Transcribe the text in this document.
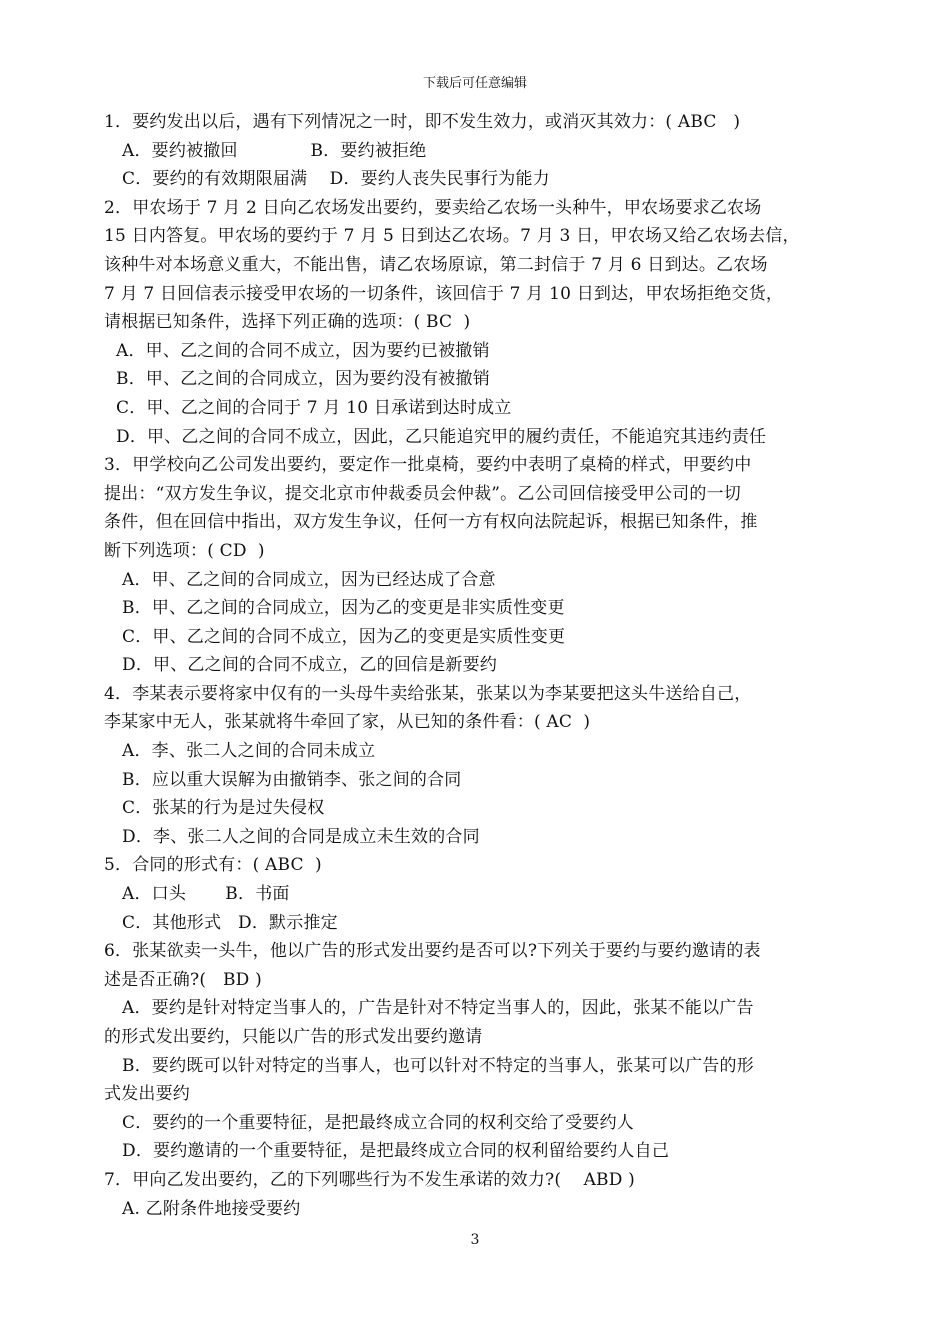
下载后可任意编辑
1．要约发出以后，遇有下列情况之一时，即不发生效力，或消灭其效力：( ABC   )
A．要约被撤回             B．要约被拒绝
C．要约的有效期限届满    D．要约人丧失民事行为能力
2．甲农场于 7 月 2 日向乙农场发出要约，要卖给乙农场一头种牛，甲农场要求乙农场
15 日内答复。甲农场的要约于 7 月 5 日到达乙农场。7 月 3 日，甲农场又给乙农场去信，
该种牛对本场意义重大，不能出售，请乙农场原谅，第二封信于 7 月 6 日到达。乙农场
7 月 7 日回信表示接受甲农场的一切条件，该回信于 7 月 10 日到达，甲农场拒绝交货，
请根据已知条件，选择下列正确的选项：( BC  )
A．甲、乙之间的合同不成立，因为要约已被撤销
B．甲、乙之间的合同成立，因为要约没有被撤销
C．甲、乙之间的合同于 7 月 10 日承诺到达时成立
D．甲、乙之间的合同不成立，因此，乙只能追究甲的履约责任，不能追究其违约责任
3．甲学校向乙公司发出要约，要定作一批桌椅，要约中表明了桌椅的样式，甲要约中
提出：“双方发生争议，提交北京市仲裁委员会仲裁”。乙公司回信接受甲公司的一切
条件，但在回信中指出，双方发生争议，任何一方有权向法院起诉，根据已知条件，推
断下列选项：( CD  )
A．甲、乙之间的合同成立，因为已经达成了合意
B．甲、乙之间的合同成立，因为乙的变更是非实质性变更
C．甲、乙之间的合同不成立，因为乙的变更是实质性变更
D．甲、乙之间的合同不成立，乙的回信是新要约
4．李某表示要将家中仅有的一头母牛卖给张某，张某以为李某要把这头牛送给自己，
李某家中无人，张某就将牛牵回了家，从已知的条件看：( AC  )
A．李、张二人之间的合同未成立
B．应以重大误解为由撤销李、张之间的合同
C．张某的行为是过失侵权
D．李、张二人之间的合同是成立未生效的合同
5．合同的形式有：( ABC  )
A．口头       B．书面
C．其他形式   D．默示推定
6．张某欲卖一头牛，他以广告的形式发出要约是否可以?下列关于要约与要约邀请的表
述是否正确?(   BD )
A．要约是针对特定当事人的，广告是针对不特定当事人的，因此，张某不能以广告
的形式发出要约，只能以广告的形式发出要约邀请
B．要约既可以针对特定的当事人，也可以针对不特定的当事人，张某可以广告的形
式发出要约
C．要约的一个重要特征，是把最终成立合同的权利交给了受要约人
D．要约邀请的一个重要特征，是把最终成立合同的权利留给要约人自己
7．甲向乙发出要约，乙的下列哪些行为不发生承诺的效力?(    ABD )
A. 乙附条件地接受要约
3
